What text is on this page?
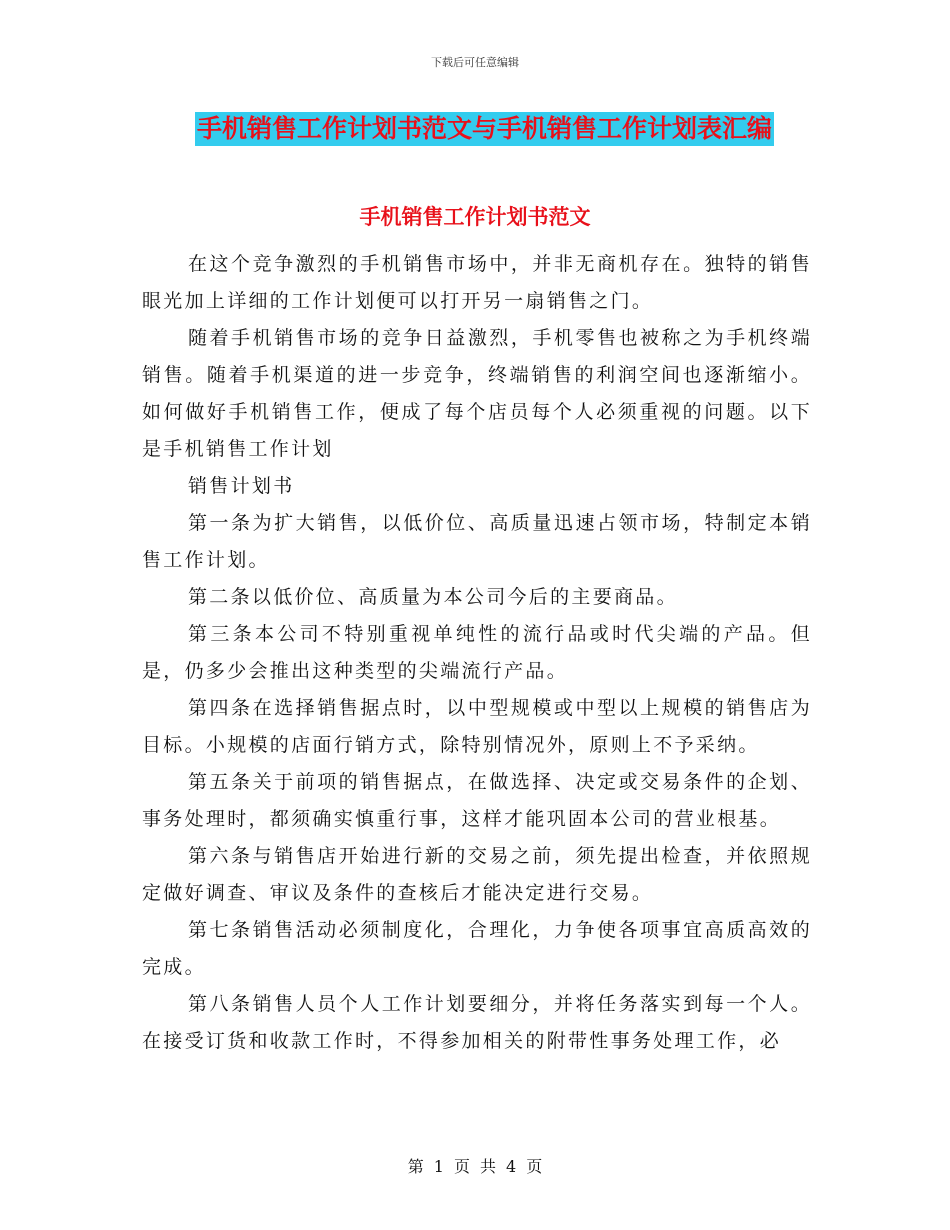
下载后可任意编辑
手机销售工作计划书范文与手机销售工作计划表汇编
手机销售工作计划书范文

在这个竞争激烈的手机销售市场中，并非无商机存在。独特的销售眼光加上详细的工作计划便可以打开另一扇销售之门。

随着手机销售市场的竞争日益激烈，手机零售也被称之为手机终端销售。随着手机渠道的进一步竞争，终端销售的利润空间也逐渐缩小。如何做好手机销售工作，便成了每个店员每个人必须重视的问题。以下是手机销售工作计划

销售计划书

第一条为扩大销售，以低价位、高质量迅速占领市场，特制定本销售工作计划。

第二条以低价位、高质量为本公司今后的主要商品。

第三条本公司不特别重视单纯性的流行品或时代尖端的产品。但是，仍多少会推出这种类型的尖端流行产品。

第四条在选择销售据点时，以中型规模或中型以上规模的销售店为目标。小规模的店面行销方式，除特别情况外，原则上不予采纳。

第五条关于前项的销售据点，在做选择、决定或交易条件的企划、事务处理时，都须确实慎重行事，这样才能巩固本公司的营业根基。

第六条与销售店开始进行新的交易之前，须先提出检查，并依照规定做好调查、审议及条件的查核后才能决定进行交易。

第七条销售活动必须制度化，合理化，力争使各项事宜高质高效的完成。

第八条销售人员个人工作计划要细分，并将任务落实到每一个人。在接受订货和收款工作时，不得参加相关的附带性事务处理工作，必

第 1 页 共 4 页
